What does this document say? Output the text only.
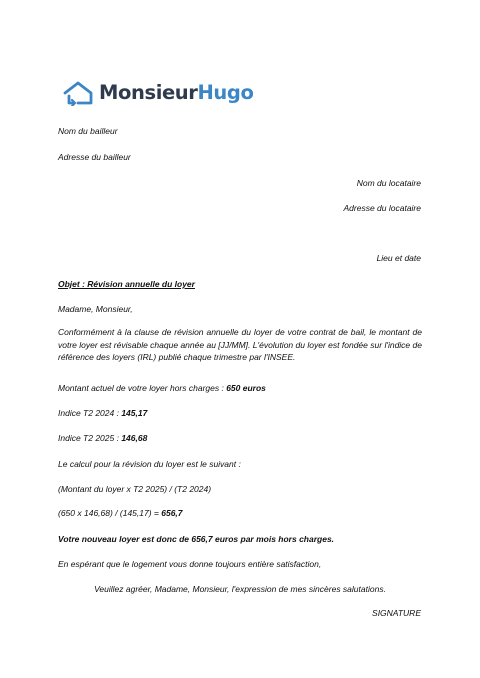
MonsieurHugo
Nom du bailleur
Adresse du bailleur
Nom du locataire
Adresse du locataire
Lieu et date
Objet : Révision annuelle du loyer
Madame, Monsieur,
Conformément à la clause de révision annuelle du loyer de votre contrat de bail, le montant de votre loyer est révisable chaque année au [JJ/MM]. L'évolution du loyer est fondée sur l'indice de référence des loyers (IRL) publié chaque trimestre par l'INSEE.
Montant actuel de votre loyer hors charges : 650 euros
Indice T2 2024 : 145,17
Indice T2 2025 : 146,68
Le calcul pour la révision du loyer est le suivant :
(Montant du loyer x T2 2025) / (T2 2024)
(650 x 146,68) / (145,17) = 656,7
Votre nouveau loyer est donc de 656,7 euros par mois hors charges.
En espérant que le logement vous donne toujours entière satisfaction,
Veuillez agréer, Madame, Monsieur, l'expression de mes sincères salutations.
SIGNATURE
